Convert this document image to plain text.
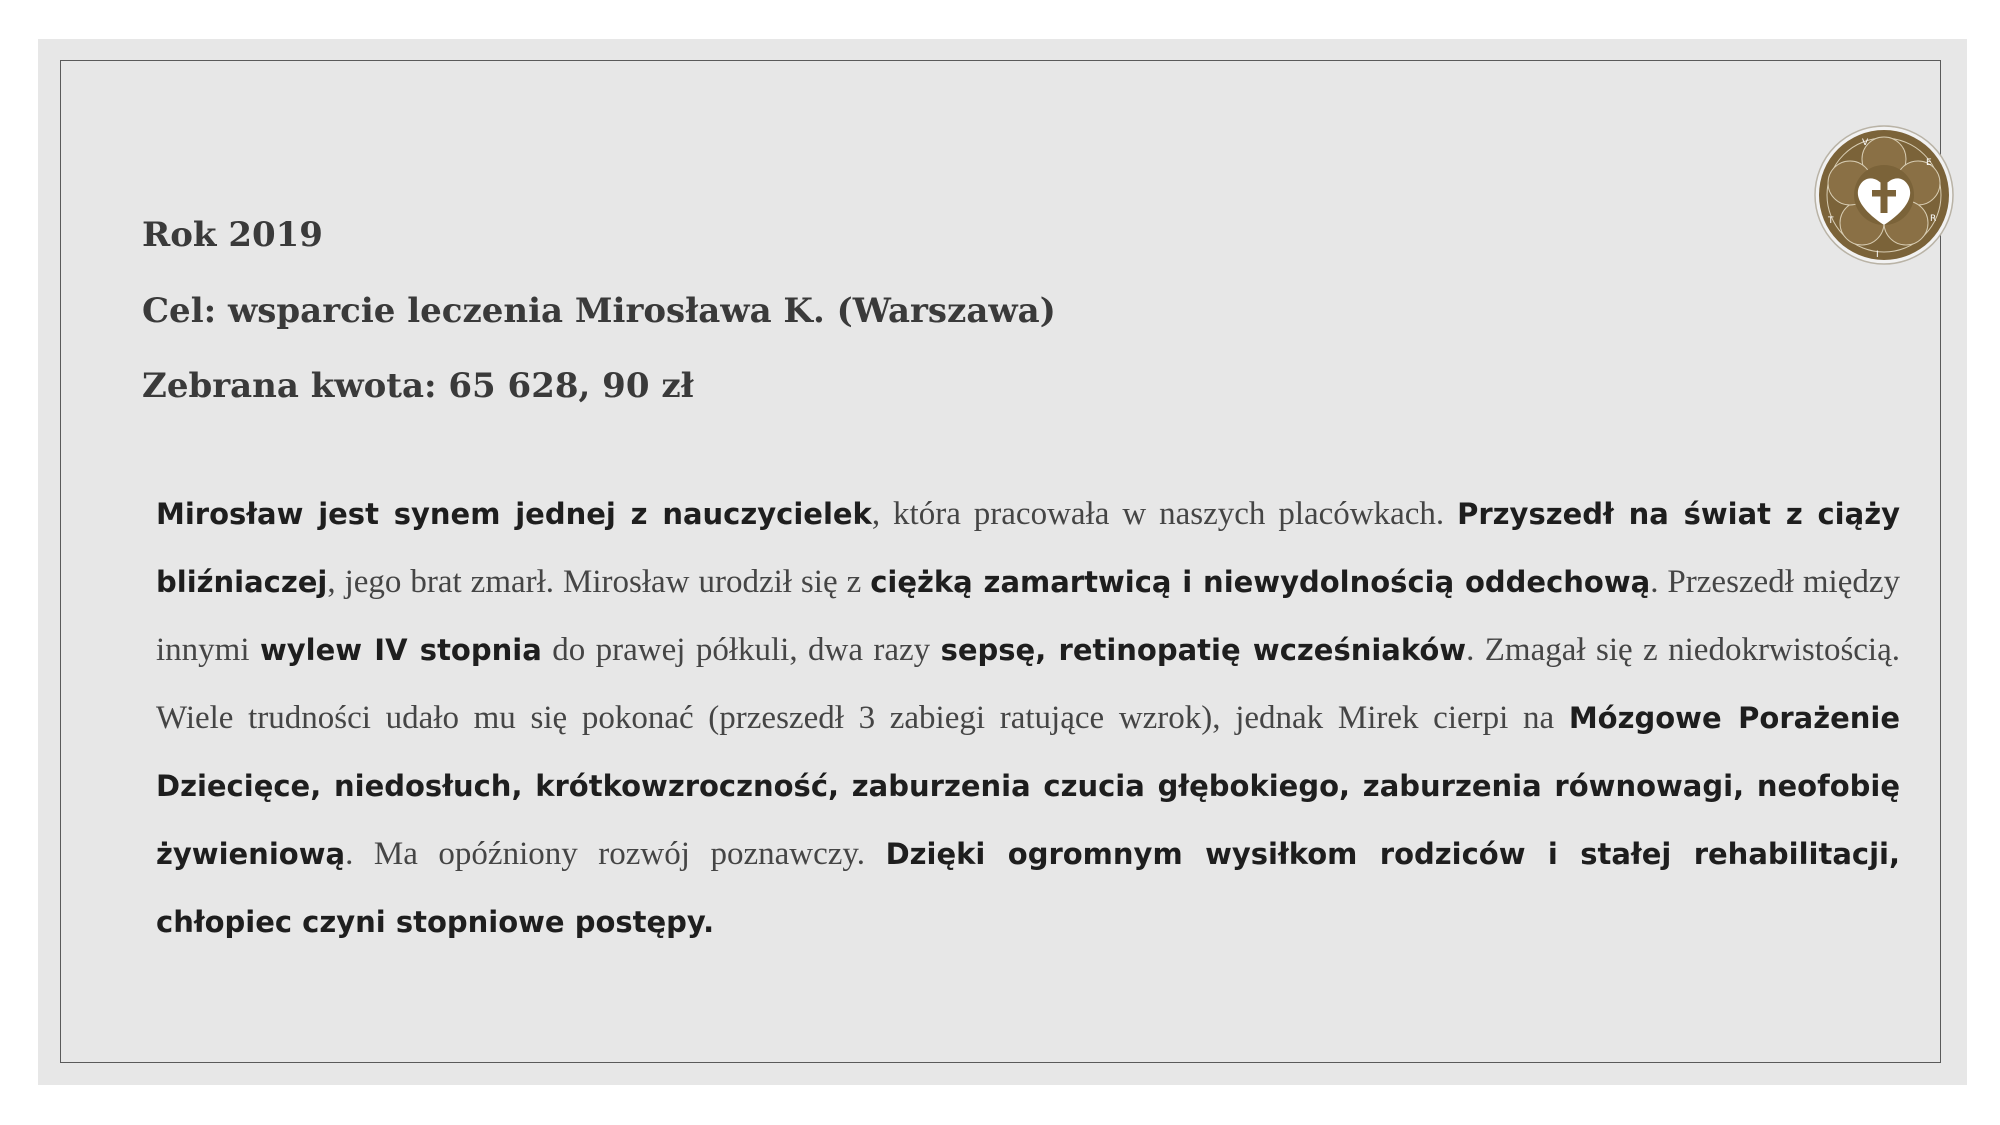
Rok 2019
Cel: wsparcie leczenia Mirosława K. (Warszawa)
Zebrana kwota: 65 628, 90 zł
Mirosław jest synem jednej z nauczycielek, która pracowała w naszych placówkach. Przyszedł na świat z ciąży bliźniaczej, jego brat zmarł. Mirosław urodził się z ciężką zamartwicą i niewydolnością oddechową. Przeszedł między innymi wylew IV stopnia do prawej półkuli, dwa razy sepsę, retinopatię wcześniaków. Zmagał się z niedokrwistością. Wiele trudności udało mu się pokonać (przeszedł 3 zabiegi ratujące wzrok), jednak Mirek cierpi na Mózgowe Porażenie Dziecięce, niedosłuch, krótkowzroczność, zaburzenia czucia głębokiego, zaburzenia równowagi, neofobię żywieniową. Ma opóźniony rozwój poznawczy. Dzięki ogromnym wysiłkom rodziców i stałej rehabilitacji, chłopiec czyni stopniowe postępy.
V
E
R
I
T
